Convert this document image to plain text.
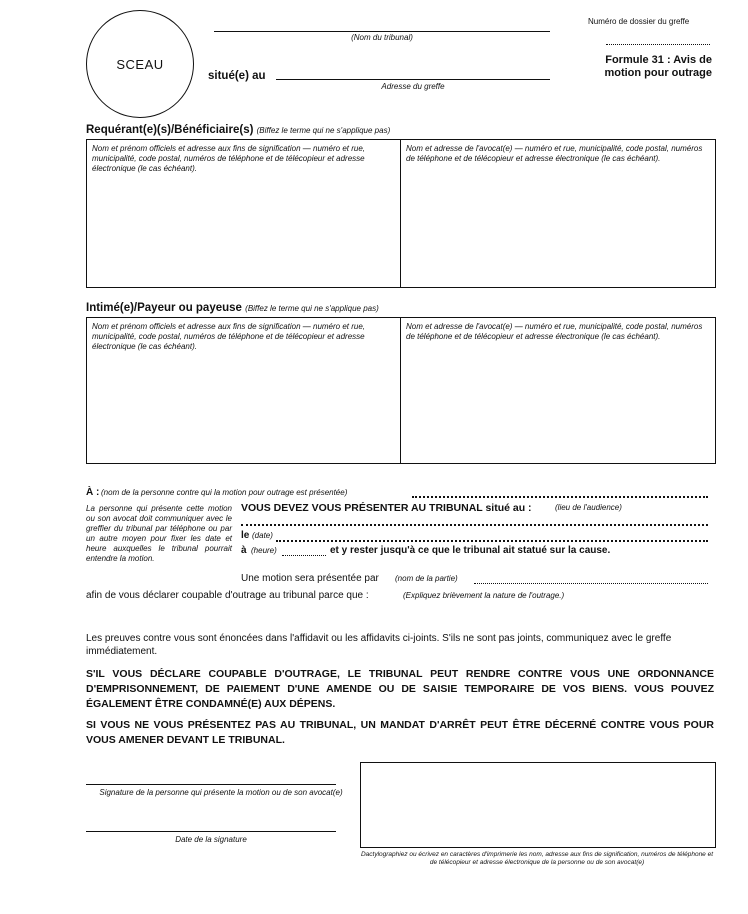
SCEAU
(Nom du tribunal)
situé(e) au
Adresse du greffe
Numéro de dossier du greffe
Formule 31 : Avis de
motion pour outrage
Requérant(e)(s)/Bénéficiaire(s) (Biffez le terme qui ne s'applique pas)
Nom et prénom officiels et adresse aux fins de signification — numéro et rue, municipalité, code postal, numéros de téléphone et de télécopieur et adresse électronique (le cas échéant).
Nom et adresse de l'avocat(e) — numéro et rue, municipalité, code postal, numéros de téléphone et de télécopieur et adresse électronique (le cas échéant).
Intimé(e)/Payeur ou payeuse (Biffez le terme qui ne s'applique pas)
Nom et prénom officiels et adresse aux fins de signification — numéro et rue, municipalité, code postal, numéros de téléphone et de télécopieur et adresse électronique (le cas échéant).
Nom et adresse de l'avocat(e) — numéro et rue, municipalité, code postal, numéros de téléphone et de télécopieur et adresse électronique (le cas échéant).
À : (nom de la personne contre qui la motion pour outrage est présentée)
La personne qui présente cette motion ou son avocat doit communiquer avec le greffier du tribunal par téléphone ou par un autre moyen pour fixer les date et heure auxquelles le tribunal pourrait entendre la motion.
VOUS DEVEZ VOUS PRÉSENTER AU TRIBUNAL situé au :	(lieu de l'audience)
le (date)
à (heure)	et y rester jusqu'à ce que le tribunal ait statué sur la cause.
Une motion sera présentée par (nom de la partie)
afin de vous déclarer coupable d'outrage au tribunal parce que :	(Expliquez brièvement la nature de l'outrage.)
Les preuves contre vous sont énoncées dans l'affidavit ou les affidavits ci-joints. S'ils ne sont pas joints, communiquez avec le greffe immédiatement.
S'IL VOUS DÉCLARE COUPABLE D'OUTRAGE, LE TRIBUNAL PEUT RENDRE CONTRE VOUS UNE ORDONNANCE D'EMPRISONNEMENT, DE PAIEMENT D'UNE AMENDE OU DE SAISIE TEMPORAIRE DE VOS BIENS. VOUS POUVEZ ÉGALEMENT ÊTRE CONDAMNÉ(E) AUX DÉPENS.
SI VOUS NE VOUS PRÉSENTEZ PAS AU TRIBUNAL, UN MANDAT D'ARRÊT PEUT ÊTRE DÉCERNÉ CONTRE VOUS POUR VOUS AMENER DEVANT LE TRIBUNAL.
Signature de la personne qui présente la motion ou de son avocat(e)
Date de la signature
Dactylographiez ou écrivez en caractères d'imprimerie les nom, adresse aux fins de signification, numéros de téléphone et de télécopieur et adresse électronique de la personne ou de son avocat(e)
